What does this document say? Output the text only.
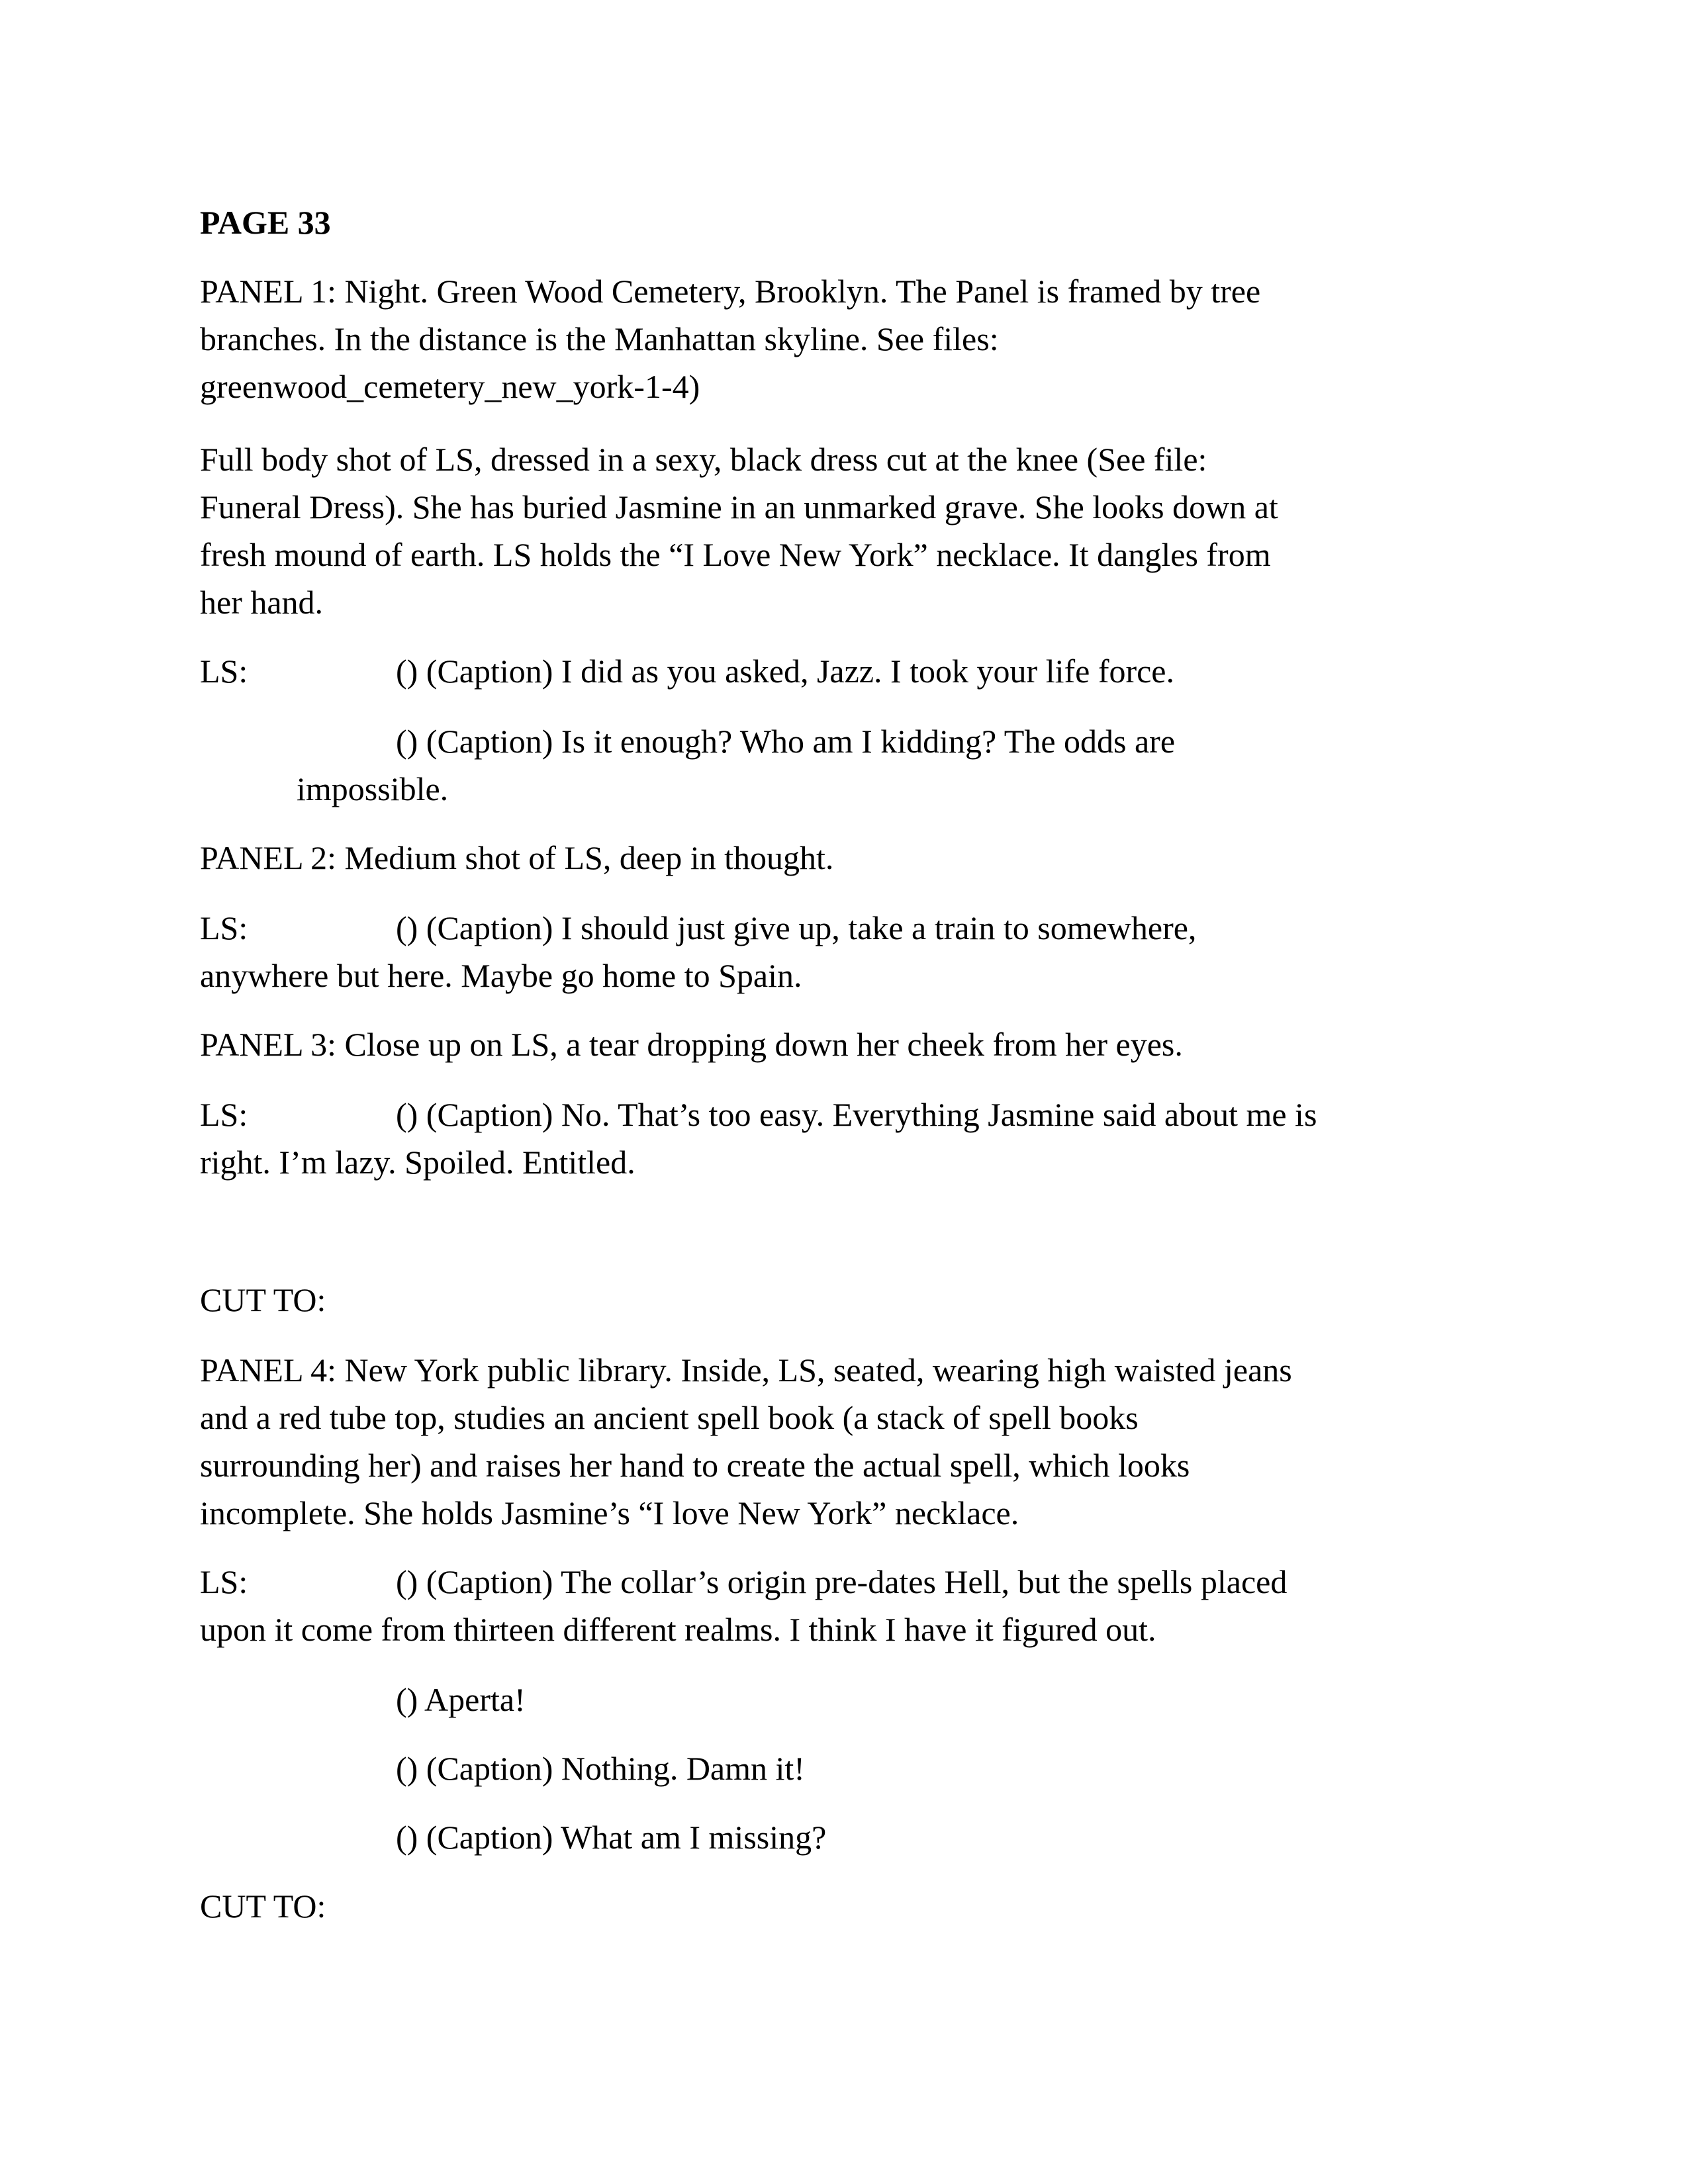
PAGE 33
PANEL 1: Night. Green Wood Cemetery, Brooklyn. The Panel is framed by tree
branches. In the distance is the Manhattan skyline. See files:
greenwood_cemetery_new_york-1-4)
Full body shot of LS, dressed in a sexy, black dress cut at the knee (See file:
Funeral Dress). She has buried Jasmine in an unmarked grave. She looks down at
fresh mound of earth. LS holds the “I Love New York” necklace. It dangles from
her hand.
LS:	() (Caption) I did as you asked, Jazz. I took your life force.
() (Caption) Is it enough? Who am I kidding? The odds are
impossible.
PANEL 2: Medium shot of LS, deep in thought.
LS:	() (Caption) I should just give up, take a train to somewhere,
anywhere but here. Maybe go home to Spain.
PANEL 3: Close up on LS, a tear dropping down her cheek from her eyes.
LS:	() (Caption) No. That’s too easy. Everything Jasmine said about me is
right. I’m lazy. Spoiled. Entitled.
CUT TO:
PANEL 4: New York public library. Inside, LS, seated, wearing high waisted jeans
and a red tube top, studies an ancient spell book (a stack of spell books
surrounding her) and raises her hand to create the actual spell, which looks
incomplete. She holds Jasmine’s “I love New York” necklace.
LS:	() (Caption) The collar’s origin pre-dates Hell, but the spells placed
upon it come from thirteen different realms. I think I have it figured out.
() Aperta!
() (Caption) Nothing. Damn it!
() (Caption) What am I missing?
CUT TO:
